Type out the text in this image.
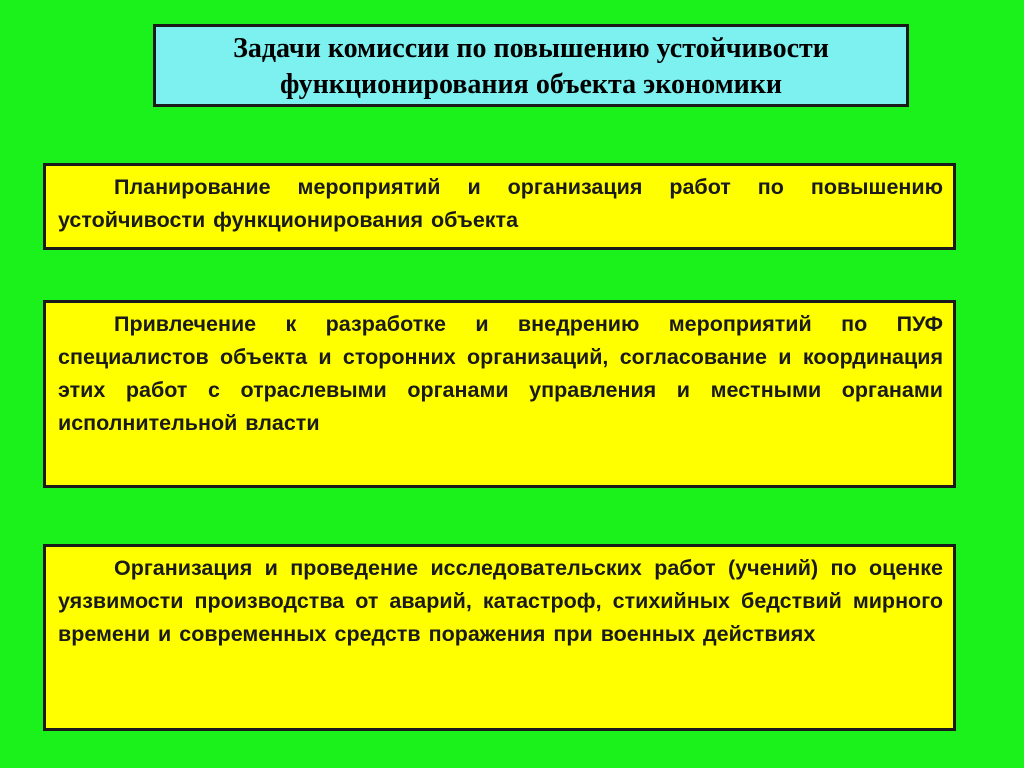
Задачи комиссии по повышению устойчивости
функционирования объекта экономики
Планирование мероприятий и организация работ по повышению устойчивости функционирования объекта
Привлечение к разработке и внедрению мероприятий по ПУФ специалистов объекта и сторонних организаций, согласование и координация этих работ с отраслевыми органами управления и местными органами исполнительной власти
Организация и проведение исследовательских работ (учений) по оценке уязвимости производства от аварий, катастроф, стихийных бедствий мирного времени и современных средств поражения при военных действиях
